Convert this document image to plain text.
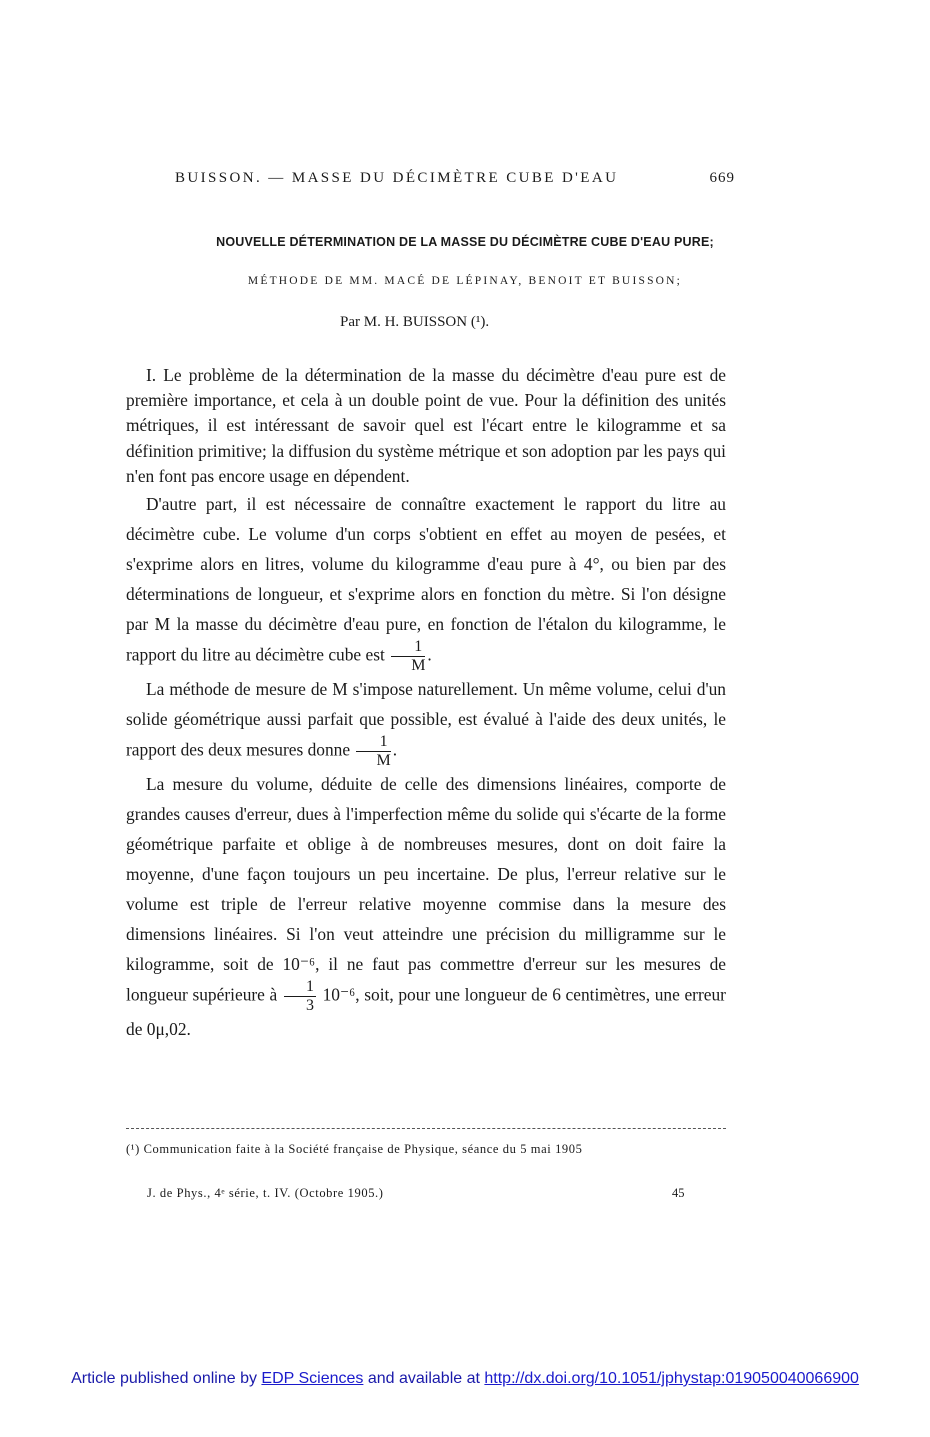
BUISSON. — MASSE DU DÉCIMÈTRE CUBE D'EAU	669
NOUVELLE DÉTERMINATION DE LA MASSE DU DÉCIMÈTRE CUBE D'EAU PURE;
MÉTHODE DE MM. MACÉ DE LÉPINAY, BENOIT ET BUISSON;
Par M. H. BUISSON (¹).

I. Le problème de la détermination de la masse du décimètre d'eau pure est de première importance, et cela à un double point de vue. Pour la définition des unités métriques, il est intéressant de savoir quel est l'écart entre le kilogramme et sa définition primitive; la diffusion du système métrique et son adoption par les pays qui n'en font pas encore usage en dépendent.

D'autre part, il est nécessaire de connaître exactement le rapport du litre au décimètre cube. Le volume d'un corps s'obtient en effet au moyen de pesées, et s'exprime alors en litres, volume du kilogramme d'eau pure à 4°, ou bien par des déterminations de longueur, et s'exprime alors en fonction du mètre. Si l'on désigne par M la masse du décimètre d'eau pure, en fonction de l'étalon du kilogramme, le rapport du litre au décimètre cube est $\frac{1}{M}$ .

La méthode de mesure de M s'impose naturellement. Un même volume, celui d'un solide géométrique aussi parfait que possible, est évalué à l'aide des deux unités, le rapport des deux mesures donne $\frac{1}{M}$ .

La mesure du volume, déduite de celle des dimensions linéaires, comporte de grandes causes d'erreur, dues à l'imperfection même du solide qui s'écarte de la forme géométrique parfaite et oblige à de nombreuses mesures, dont on doit faire la moyenne, d'une façon toujours un peu incertaine. De plus, l'erreur relative sur le volume est triple de l'erreur relative moyenne commise dans la mesure des dimensions linéaires. Si l'on veut atteindre une précision du milligramme sur le kilogramme, soit de 10⁻⁶, il ne faut pas commettre d'erreur sur les mesures de longueur supérieure à $\frac{1}{3} 10^{-6}$, soit, pour une longueur de 6 centimètres, une erreur de 0μ,02.

(¹) Communication faite à la Société française de Physique, séance du 5 mai 1905
J. de Phys., 4ᵉ série, t. IV. (Octobre 1905.)	45
Article published online by EDP Sciences and available at http://dx.doi.org/10.1051/jphystap:019050040066900
